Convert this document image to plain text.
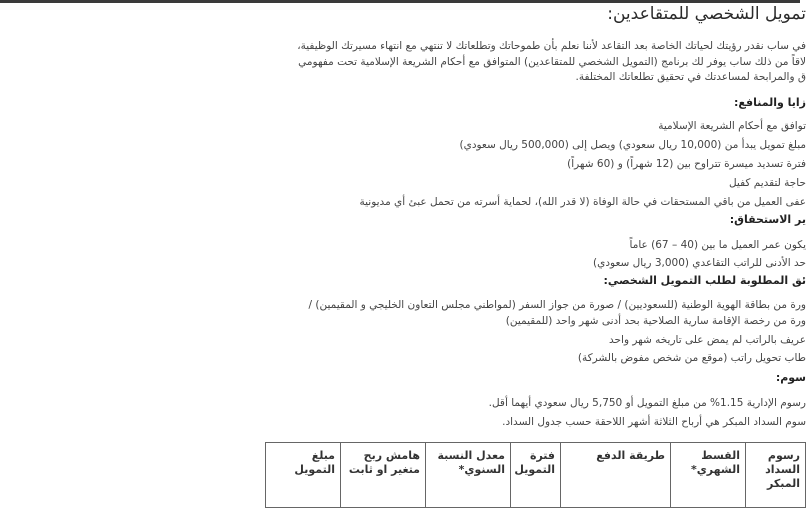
تمويل الشخصي للمتقاعدين:
في ساب نقدر رؤيتك لحياتك الخاصة بعد التقاعد لأننا نعلم بأن طموحاتك وتطلعاتك لا تنتهي مع انتهاء مسيرتك الوظيفية،
لاقاً من ذلك ساب يوفر لك برنامج (التمويل الشخصي للمتقاعدين) المتوافق مع أحكام الشريعة الإسلامية تحت مفهومي
ق والمرابحة لمساعدتك في تحقيق تطلعاتك المختلفة.
زايا والمنافع:
توافق مع أحكام الشريعة الإسلامية
مبلغ تمويل يبدأ من (10,000 ريال سعودي) ويصل إلى (500,000 ريال سعودي)
فترة تسديد ميسرة تتراوح بين (12 شهراً) و (60 شهراً)
حاجة لتقديم كفيل
عفى العميل من باقي المستحقات في حالة الوفاة (لا قدر الله)، لحماية أسرته من تحمل عبئ أي مديونية
ير الاستحقاق:
يكون عمر العميل ما بين (40 – 67) عاماً
حد الأدنى للراتب التقاعدي (3,000 ريال سعودي)
ئق المطلوبة لطلب التمويل الشخصي:
ورة من بطاقة الهوية الوطنية (للسعوديين) / صورة من جواز السفر (لمواطني مجلس التعاون الخليجي و المقيمين) /
ورة من رخصة الإقامة سارية الصلاحية بحد أدنى شهر واحد (للمقيمين)
عريف بالراتب لم يمض على تاريخه شهر واحد
طاب تحويل راتب (موقع من شخص مفوض بالشركة)
سوم:
رسوم الإدارية 1.15% من مبلغ التمويل أو 5,750 ريال سعودي أيهما أقل.
سوم السداد المبكر هي أرباح الثلاثة أشهر اللاحقة حسب جدول السداد.
رسوم السداد المبكر	القسط الشهري*	طريقة الدفع	فترة التمويل	معدل النسبة السنوي*	هامش ربح متغير او ثابت	مبلغ التمويل
